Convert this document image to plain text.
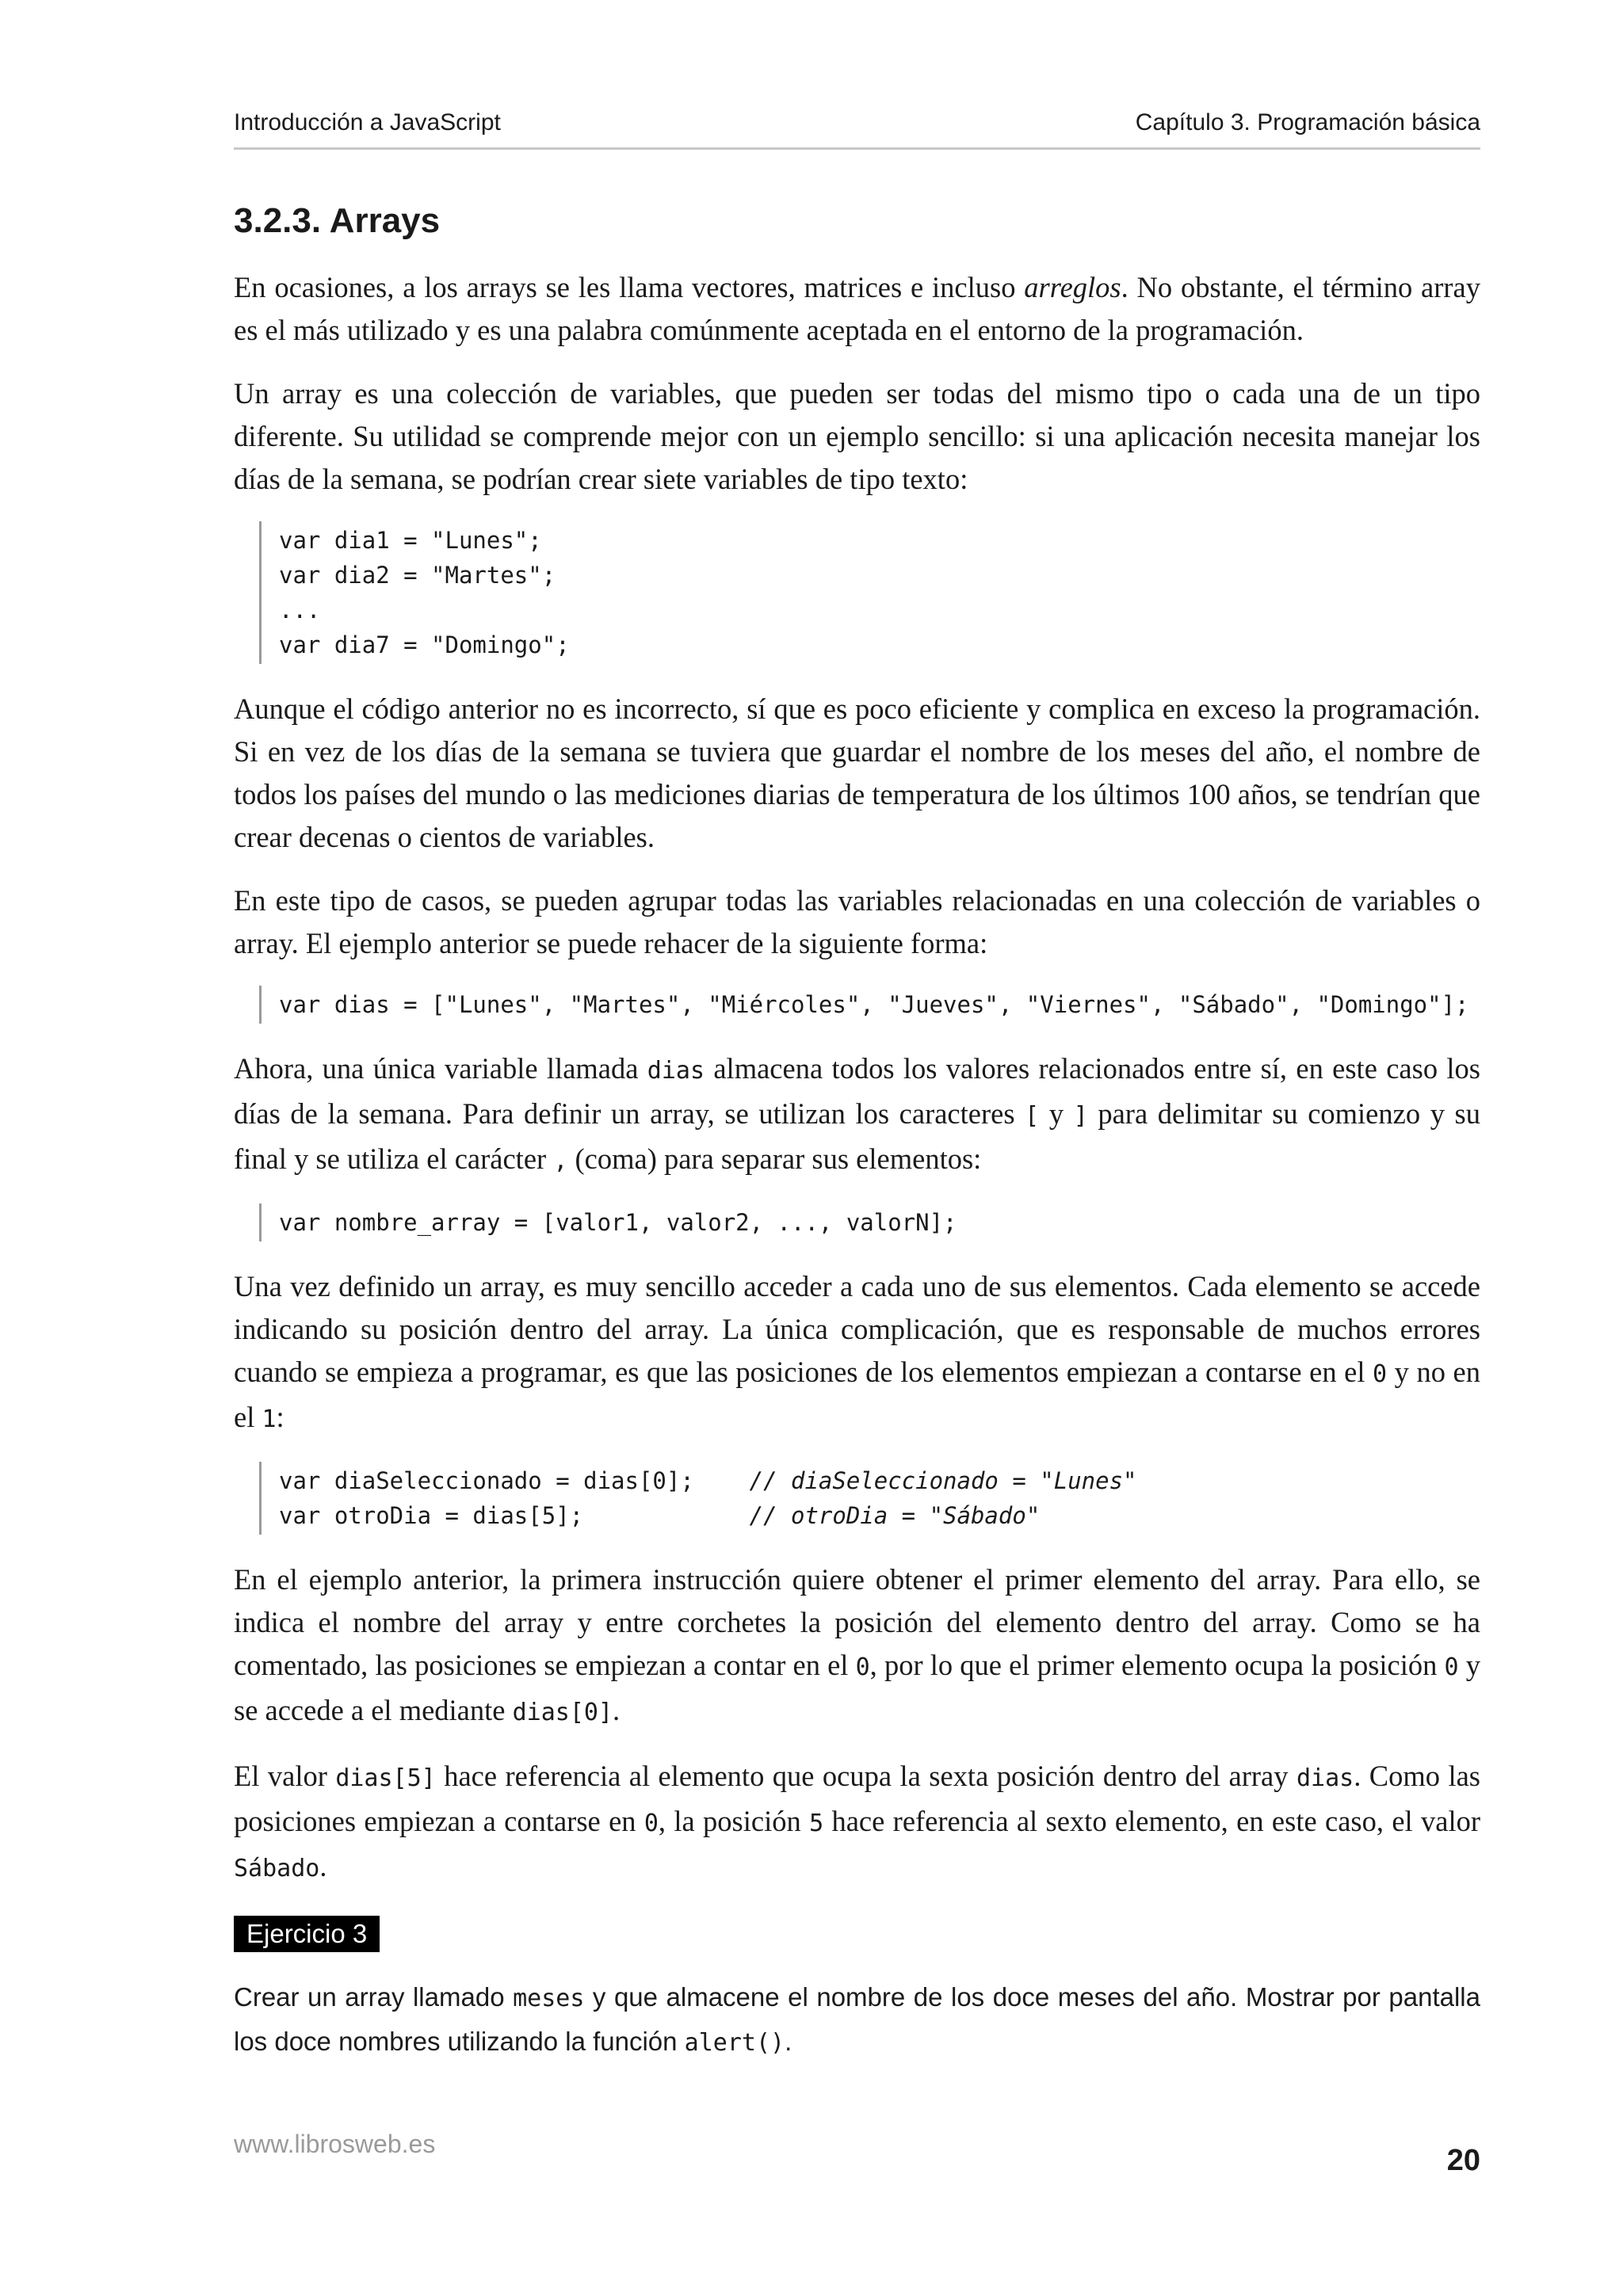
Introducción a JavaScript	Capítulo 3. Programación básica
3.2.3. Arrays

En ocasiones, a los arrays se les llama vectores, matrices e incluso arreglos. No obstante, el término array es el más utilizado y es una palabra comúnmente aceptada en el entorno de la programación.

Un array es una colección de variables, que pueden ser todas del mismo tipo o cada una de un tipo diferente. Su utilidad se comprende mejor con un ejemplo sencillo: si una aplicación necesita manejar los días de la semana, se podrían crear siete variables de tipo texto:

var dia1 = "Lunes";
var dia2 = "Martes";
...
var dia7 = "Domingo";

Aunque el código anterior no es incorrecto, sí que es poco eficiente y complica en exceso la programación. Si en vez de los días de la semana se tuviera que guardar el nombre de los meses del año, el nombre de todos los países del mundo o las mediciones diarias de temperatura de los últimos 100 años, se tendrían que crear decenas o cientos de variables.

En este tipo de casos, se pueden agrupar todas las variables relacionadas en una colección de variables o array. El ejemplo anterior se puede rehacer de la siguiente forma:

var dias = ["Lunes", "Martes", "Miércoles", "Jueves", "Viernes", "Sábado", "Domingo"];

Ahora, una única variable llamada dias almacena todos los valores relacionados entre sí, en este caso los días de la semana. Para definir un array, se utilizan los caracteres [ y ] para delimitar su comienzo y su final y se utiliza el carácter , (coma) para separar sus elementos:

var nombre_array = [valor1, valor2, ..., valorN];

Una vez definido un array, es muy sencillo acceder a cada uno de sus elementos. Cada elemento se accede indicando su posición dentro del array. La única complicación, que es responsable de muchos errores cuando se empieza a programar, es que las posiciones de los elementos empiezan a contarse en el 0 y no en el 1:

var diaSeleccionado = dias[0];    // diaSeleccionado = "Lunes"
var otroDia = dias[5];            // otroDia = "Sábado"

En el ejemplo anterior, la primera instrucción quiere obtener el primer elemento del array. Para ello, se indica el nombre del array y entre corchetes la posición del elemento dentro del array. Como se ha comentado, las posiciones se empiezan a contar en el 0, por lo que el primer elemento ocupa la posición 0 y se accede a el mediante dias[0].

El valor dias[5] hace referencia al elemento que ocupa la sexta posición dentro del array dias. Como las posiciones empiezan a contarse en 0, la posición 5 hace referencia al sexto elemento, en este caso, el valor Sábado.

Ejercicio 3

Crear un array llamado meses y que almacene el nombre de los doce meses del año. Mostrar por pantalla los doce nombres utilizando la función alert().

www.librosweb.es	20
